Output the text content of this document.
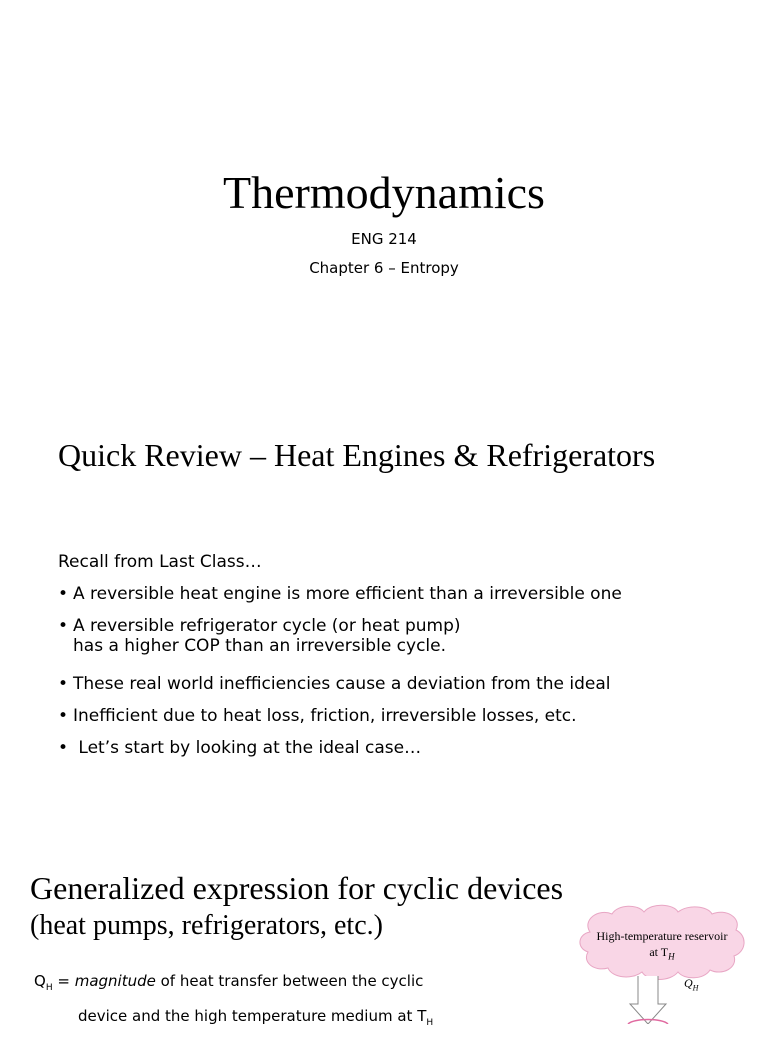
Thermodynamics
ENG 214
Chapter 6 – Entropy
Quick Review – Heat Engines & Refrigerators
Recall from Last Class…
• A reversible heat engine is more efficient than a irreversible one
• A reversible refrigerator cycle (or heat pump)
has a higher COP than an irreversible cycle.
• These real world inefficiencies cause a deviation from the ideal
• Inefficient due to heat loss, friction, irreversible losses, etc.
•  Let’s start by looking at the ideal case…
Generalized expression for cyclic devices
(heat pumps, refrigerators, etc.)
$Q_H$ = magnitude of heat transfer between the cyclic
device and the high temperature medium at $T_H$
High-temperature reservoir
at $T_H$
$Q_H$
